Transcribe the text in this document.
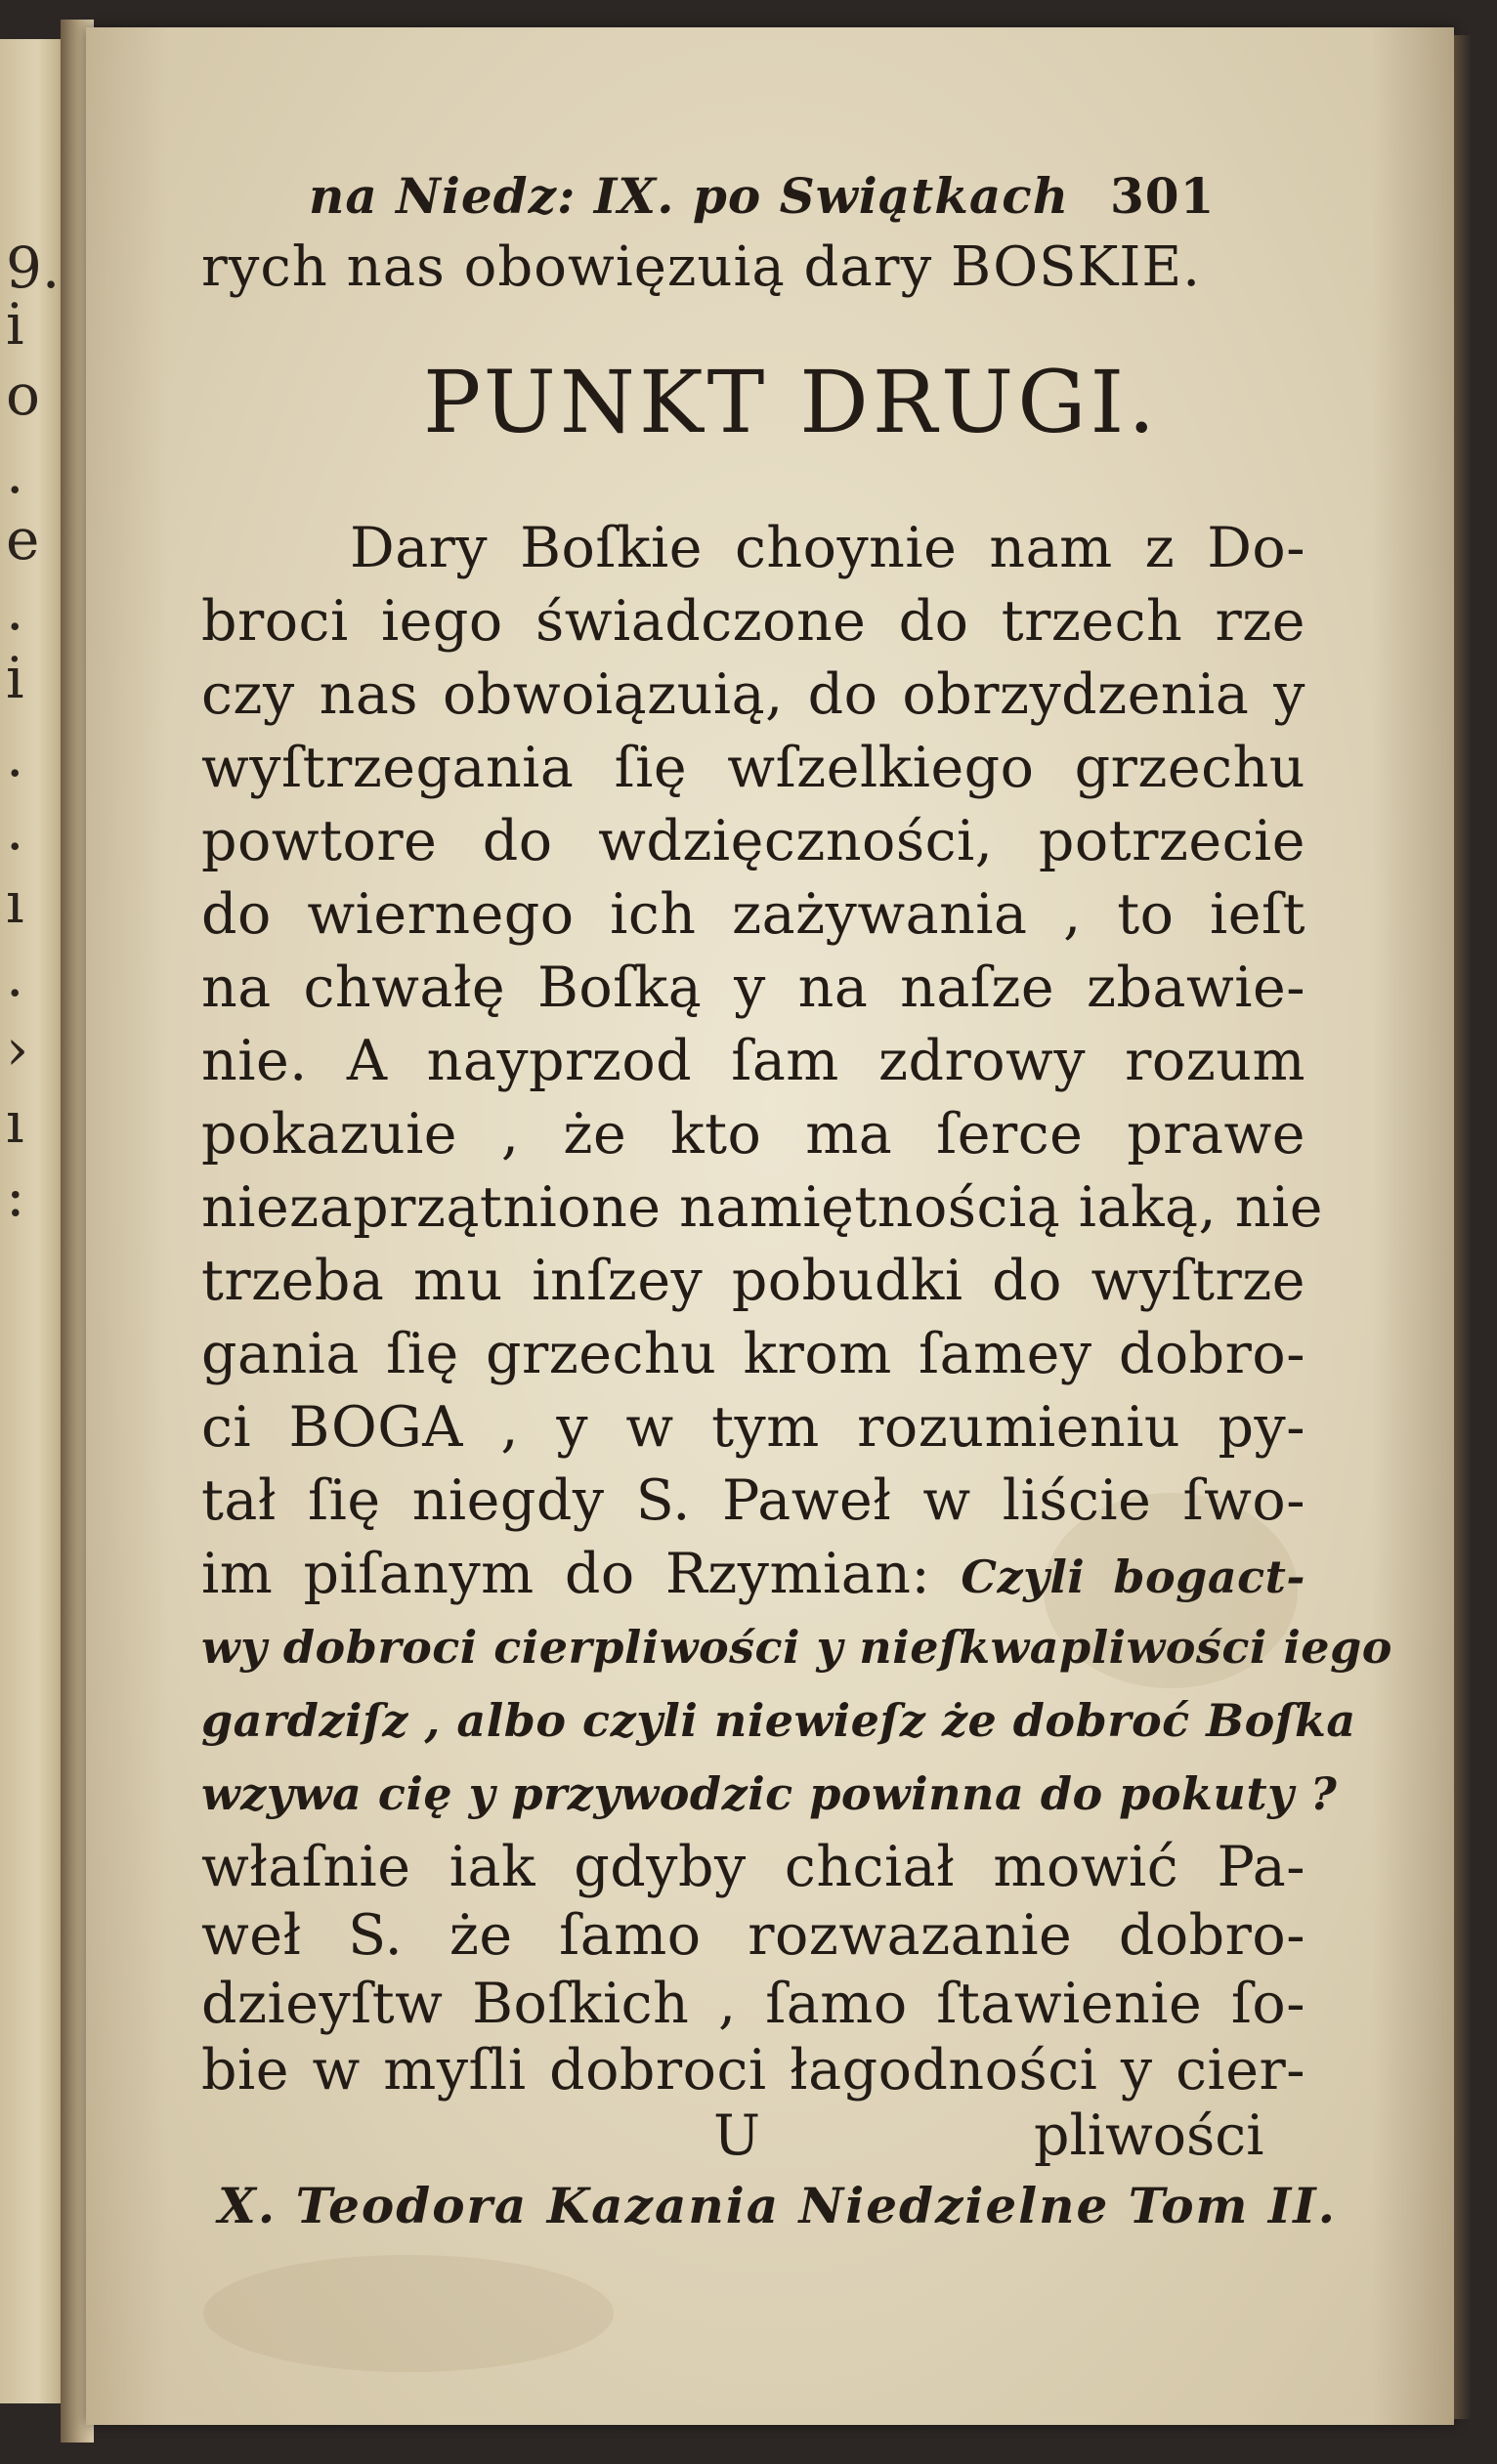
9.
i
o
.
e
.
i
.
.
ı
.
›
ı
:
na Niedz: IX. po Swiątkach 301
rych nas obowięzuią dary BOSKIE.
PUNKT DRUGI.
Dary Boſkie choynie nam z Do-
broci iego świadczone do trzech rze
czy nas obwoiązuią, do obrzydzenia y
wyſtrzegania ſię wſzelkiego grzechu
powtore do wdzięczności, potrzecie
do wiernego ich zażywania , to ieſt
na chwałę Boſką y na naſze zbawie-
nie. A nayprzod ſam zdrowy rozum
pokazuie , że kto ma ſerce prawe
niezaprzątnione namiętnością iaką, nie
trzeba mu inſzey pobudki do wyſtrze
gania ſię grzechu krom ſamey dobro-
ci BOGA , y w tym rozumieniu py-
tał ſię niegdy S. Paweł w liście ſwo-
im piſanym do Rzymian: Czyli bogact-
wy dobroci cierpliwości y nieſkwapliwości iego
gardziſz , albo czyli niewieſz że dobroć Boſka
wzywa cię y przywodzic powinna do pokuty ?
właſnie iak gdyby chciał mowić Pa-
weł S. że ſamo rozwazanie dobro-
dzieyſtw Boſkich , ſamo ſtawienie ſo-
bie w myſli dobroci łagodności y cier-
U	pliwości
X. Teodora Kazania Niedzielne Tom II.
